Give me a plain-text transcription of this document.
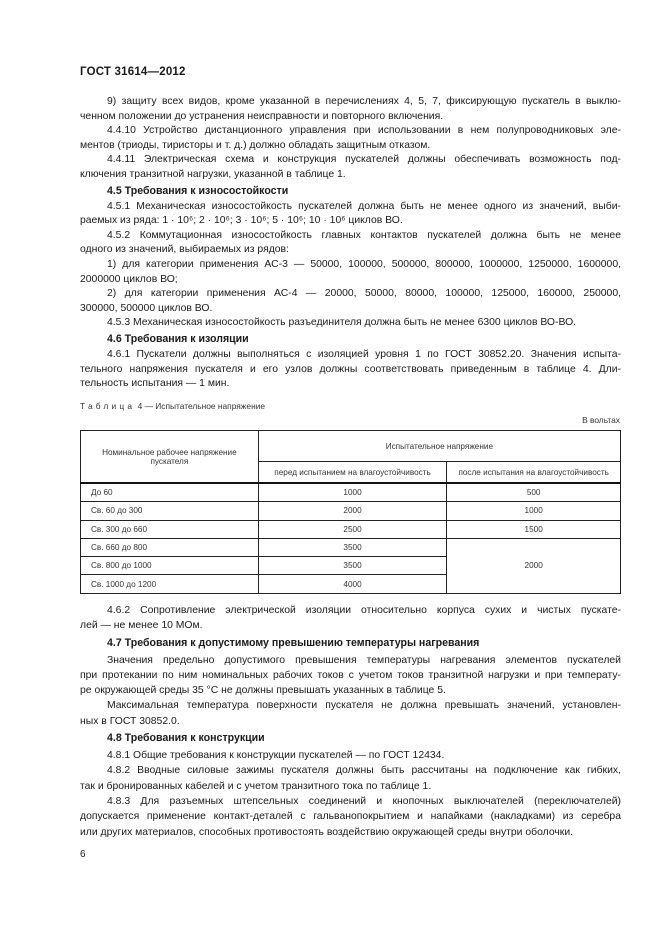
ГОСТ 31614—2012
9) защиту всех видов, кроме указанной в перечислениях 4, 5, 7, фиксирующую пускатель в выклю-
ченном положении до устранения неисправности и повторного включения.
4.4.10 Устройство дистанционного управления при использовании в нем полупроводниковых эле-
ментов (триоды, тиристоры и т. д.) должно обладать защитным отказом.
4.4.11 Электрическая схема и конструкция пускателей должны обеспечивать возможность под-
ключения транзитной нагрузки, указанной в таблице 1.
4.5 Требования к износостойкости
4.5.1 Механическая износостойкость пускателей должна быть не менее одного из значений, выби-
раемых из ряда: 1 · 10⁶; 2 · 10⁶; 3 · 10⁶; 5 · 10⁶; 10 · 10⁶ циклов ВО.
4.5.2 Коммутационная износостойкость главных контактов пускателей должна быть не менее
одного из значений, выбираемых из рядов:
1) для категории применения АС-3 — 50000, 100000, 500000, 800000, 1000000, 1250000, 1600000,
2000000 циклов ВО;
2) для категории применения АС-4 — 20000, 50000, 80000, 100000, 125000, 160000, 250000,
300000, 500000 циклов ВО.
4.5.3 Механическая износостойкость разъединителя должна быть не менее 6300 циклов ВО-ВО.
4.6 Требования к изоляции
4.6.1 Пускатели должны выполняться с изоляцией уровня 1 по ГОСТ 30852.20. Значения испыта-
тельного напряжения пускателя и его узлов должны соответствовать приведенным в таблице 4. Дли-
тельность испытания — 1 мин.
Таблица 4 — Испытательное напряжение
В вольтах
Номинальное рабочее напряжение пускателя	Испытательное напряжение	
	перед испытанием на влагоустойчивость	после испытания на влагоустойчивость
До 60	1000	500
Св. 60 до 300	2000	1000
Св. 300 до 660	2500	1500
Св. 660 до 800	3500	2000
Св. 800 до 1000	3500	
Св. 1000 до 1200	4000	
4.6.2 Сопротивление электрической изоляции относительно корпуса сухих и чистых пускате-
лей — не менее 10 МОм.
4.7 Требования к допустимому превышению температуры нагревания
Значения предельно допустимого превышения температуры нагревания элементов пускателей
при протекании по ним номинальных рабочих токов с учетом токов транзитной нагрузки и при температу-
ре окружающей среды 35 °С не должны превышать указанных в таблице 5.
Максимальная температура поверхности пускателя не должна превышать значений, установлен-
ных в ГОСТ 30852.0.
4.8 Требования к конструкции
4.8.1 Общие требования к конструкции пускателей — по ГОСТ 12434.
4.8.2 Вводные силовые зажимы пускателя должны быть рассчитаны на подключение как гибких,
так и бронированных кабелей и с учетом транзитного тока по таблице 1.
4.8.3 Для разъемных штепсельных соединений и кнопочных выключателей (переключателей)
допускается применение контакт-деталей с гальванопокрытием и напайками (накладками) из серебра
или других материалов, способных противостоять воздействию окружающей среды внутри оболочки.
6
